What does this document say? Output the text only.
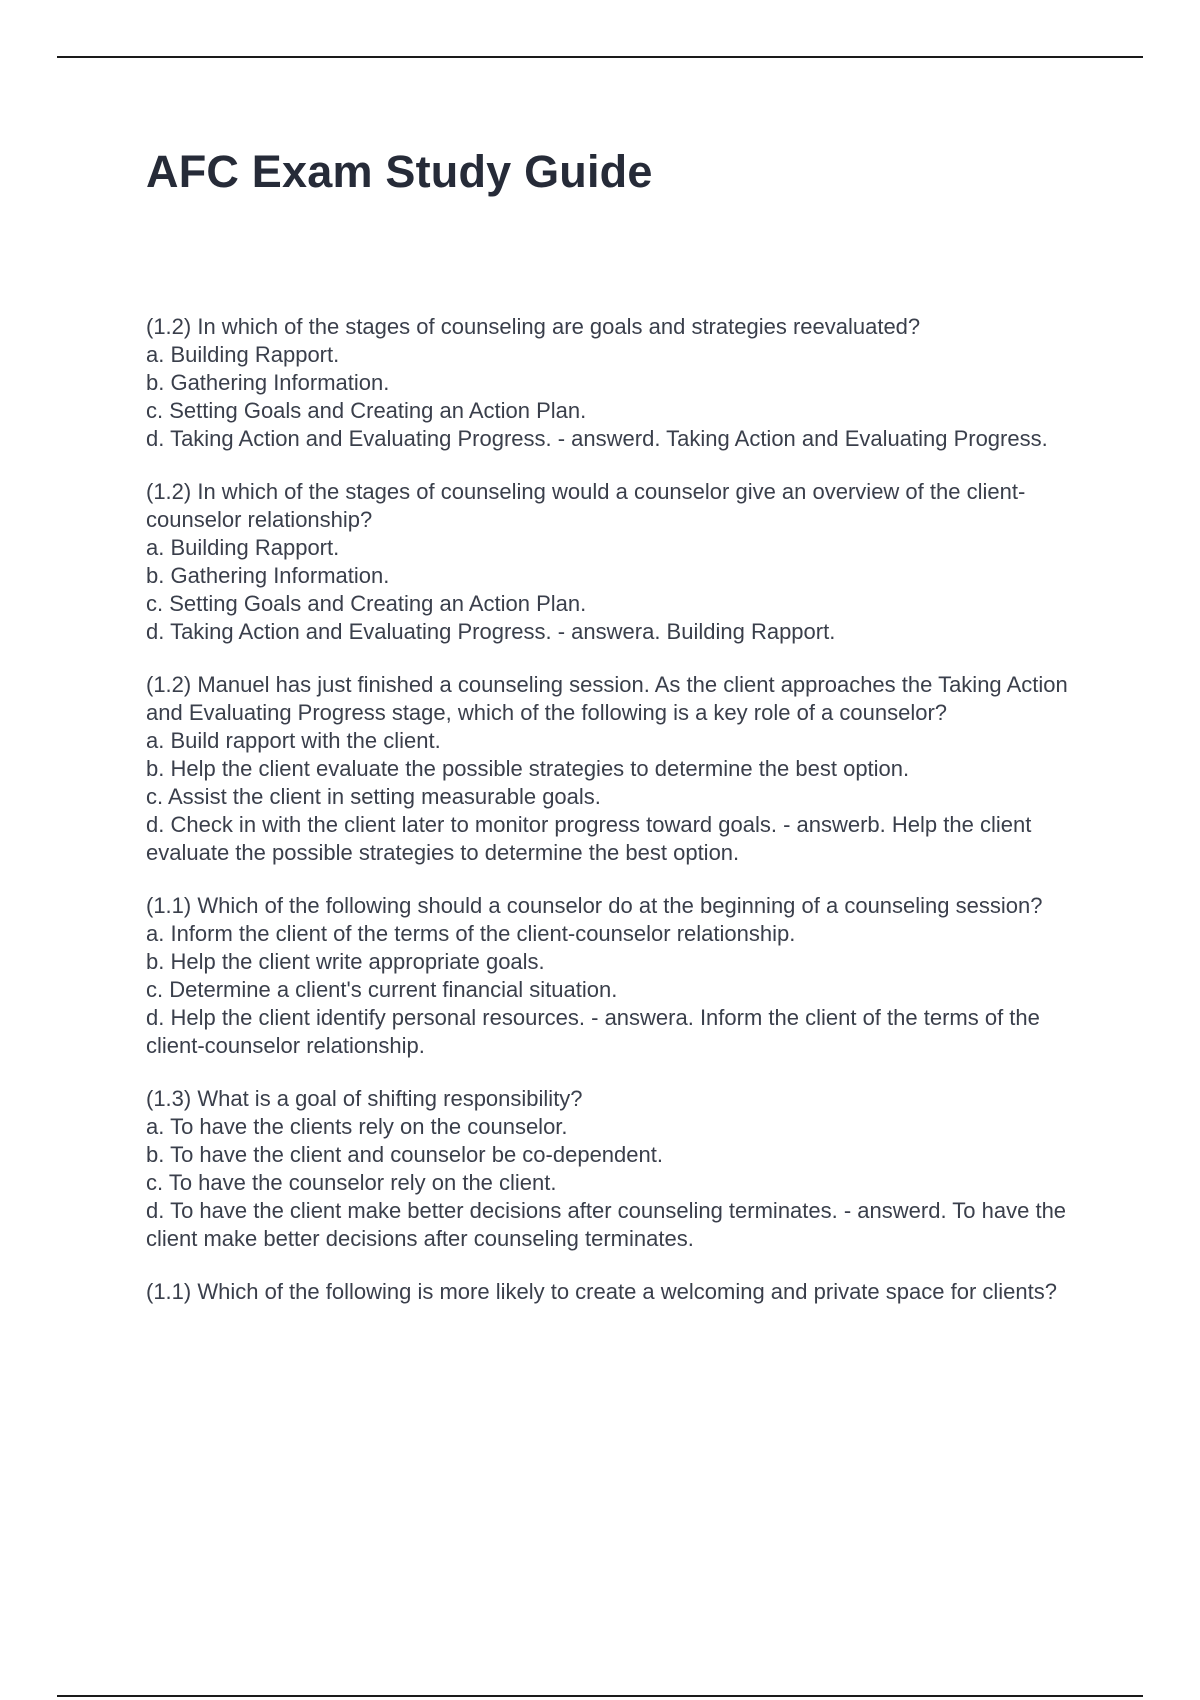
AFC Exam Study Guide

(1.2) In which of the stages of counseling are goals and strategies reevaluated?

a. Building Rapport.

b. Gathering Information.

c. Setting Goals and Creating an Action Plan.

d. Taking Action and Evaluating Progress. - answerd. Taking Action and Evaluating Progress.

(1.2) In which of the stages of counseling would a counselor give an overview of the client-counselor relationship?

a. Building Rapport.

b. Gathering Information.

c. Setting Goals and Creating an Action Plan.

d. Taking Action and Evaluating Progress. - answera. Building Rapport.

(1.2) Manuel has just finished a counseling session. As the client approaches the Taking Action and Evaluating Progress stage, which of the following is a key role of a counselor?

a. Build rapport with the client.

b. Help the client evaluate the possible strategies to determine the best option.

c. Assist the client in setting measurable goals.

d. Check in with the client later to monitor progress toward goals. - answerb. Help the client evaluate the possible strategies to determine the best option.

(1.1) Which of the following should a counselor do at the beginning of a counseling session?

a. Inform the client of the terms of the client-counselor relationship.

b. Help the client write appropriate goals.

c. Determine a client's current financial situation.

d. Help the client identify personal resources. - answera. Inform the client of the terms of the client-counselor relationship.

(1.3) What is a goal of shifting responsibility?

a. To have the clients rely on the counselor.

b. To have the client and counselor be co-dependent.

c. To have the counselor rely on the client.

d. To have the client make better decisions after counseling terminates. - answerd. To have the client make better decisions after counseling terminates.

(1.1) Which of the following is more likely to create a welcoming and private space for clients?
